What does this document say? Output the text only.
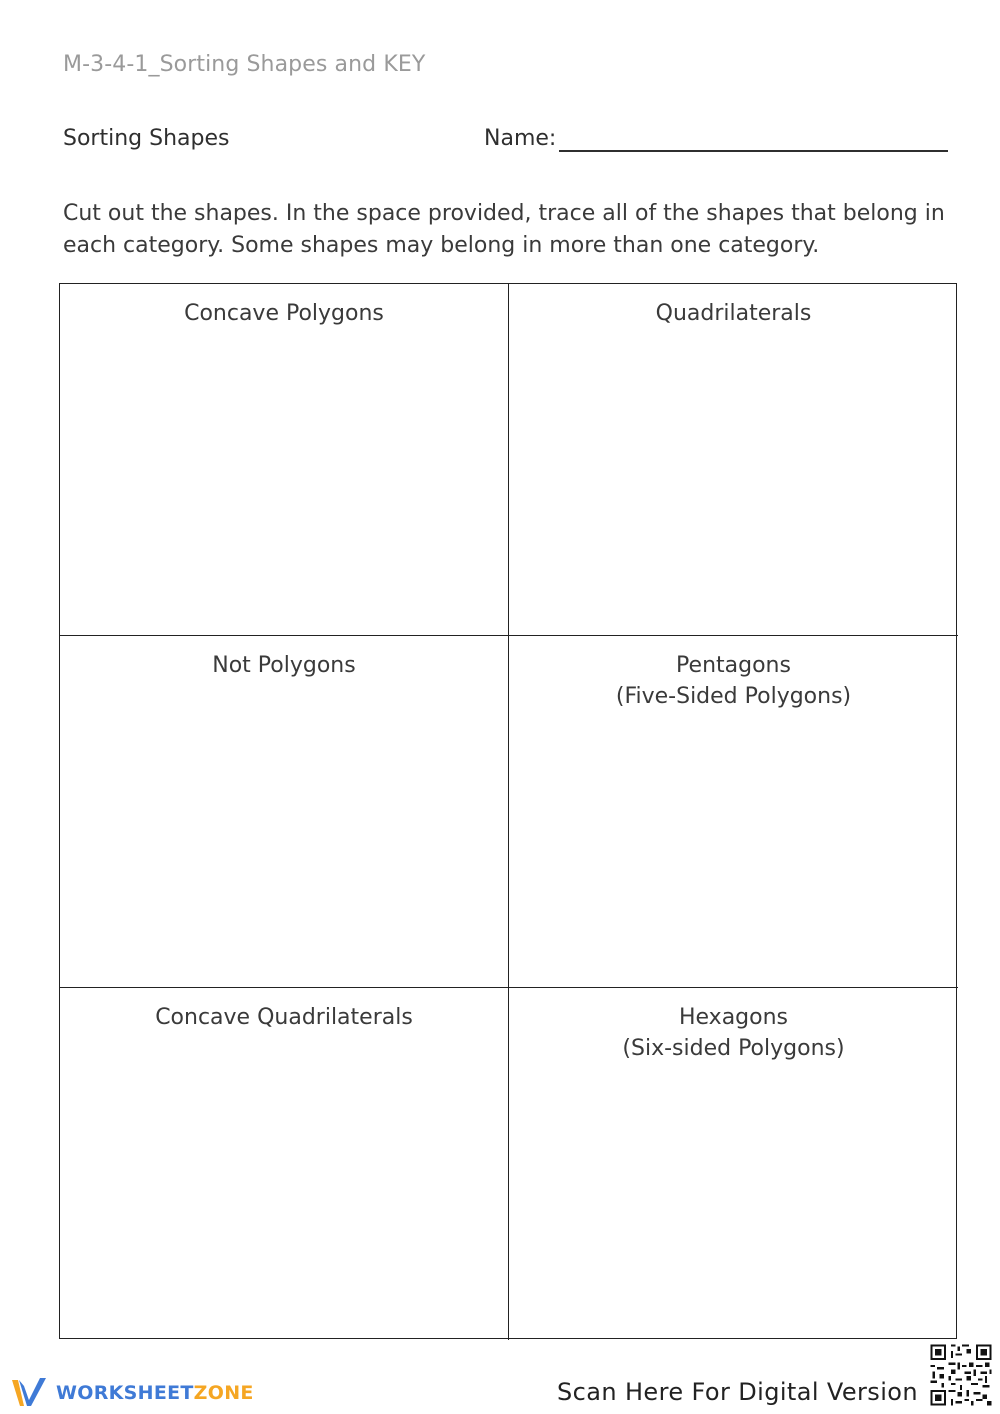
M-3-4-1_Sorting Shapes and KEY
Sorting Shapes	Name:
Cut out the shapes. In the space provided, trace all of the shapes that belong in each category. Some shapes may belong in more than one category.
Concave Polygons	Quadrilaterals
Not Polygons	Pentagons
(Five-Sided Polygons)
Concave Quadrilaterals	Hexagons
(Six-sided Polygons)
WORKSHEETZONE	Scan Here For Digital Version
